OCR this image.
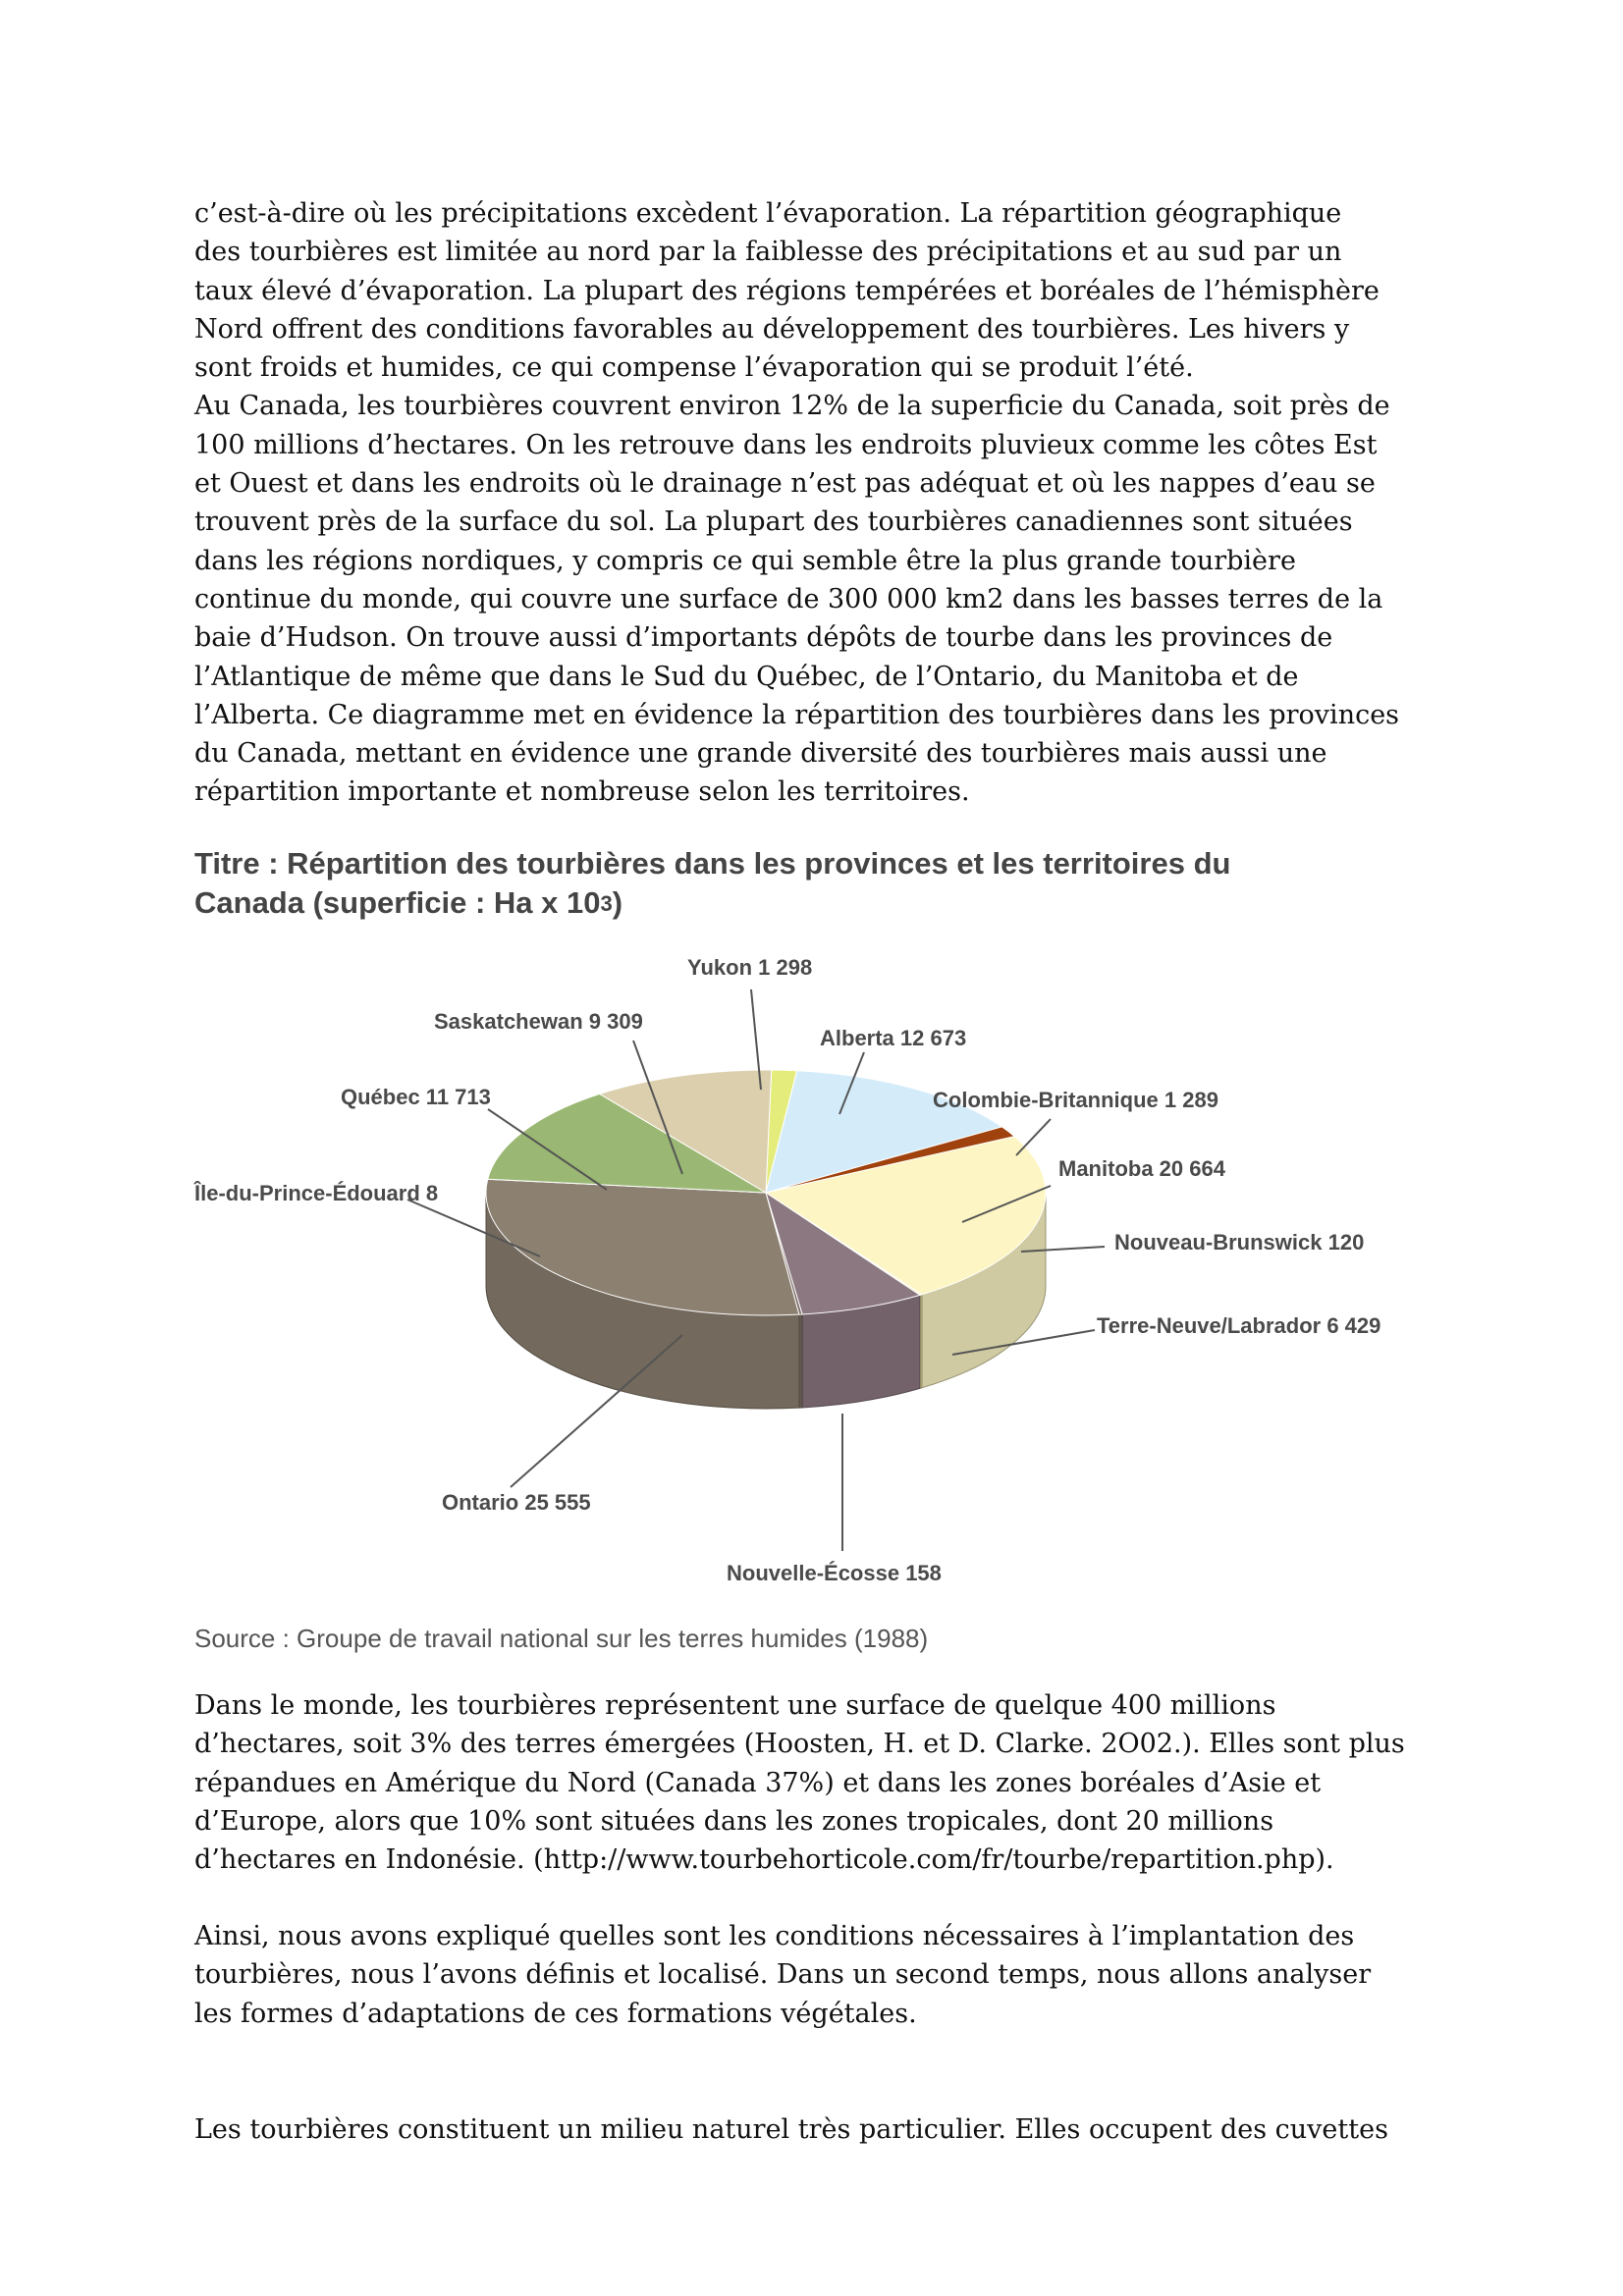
c’est-à-dire où les précipitations excèdent l’évaporation. La répartition géographique
des tourbières est limitée au nord par la faiblesse des précipitations et au sud par un
taux élevé d’évaporation. La plupart des régions tempérées et boréales de l’hémisphère
Nord offrent des conditions favorables au développement des tourbières. Les hivers y
sont froids et humides, ce qui compense l’évaporation qui se produit l’été.
Au Canada, les tourbières couvrent environ 12% de la superficie du Canada, soit près de
100 millions d’hectares. On les retrouve dans les endroits pluvieux comme les côtes Est
et Ouest et dans les endroits où le drainage n’est pas adéquat et où les nappes d’eau se
trouvent près de la surface du sol. La plupart des tourbières canadiennes sont situées
dans les régions nordiques, y compris ce qui semble être la plus grande tourbière
continue du monde, qui couvre une surface de 300 000 km2 dans les basses terres de la
baie d’Hudson. On trouve aussi d’importants dépôts de tourbe dans les provinces de
l’Atlantique de même que dans le Sud du Québec, de l’Ontario, du Manitoba et de
l’Alberta. Ce diagramme met en évidence la répartition des tourbières dans les provinces
du Canada, mettant en évidence une grande diversité des tourbières mais aussi une
répartition importante et nombreuse selon les territoires.

Titre : Répartition des tourbières dans les provinces et les territoires du
Canada (superficie : Ha x $10^3$)
Yukon 1 298
Alberta 12 673
Colombie-Britannique 1 289
Manitoba 20 664
Nouveau-Brunswick 120
Terre-Neuve/Labrador 6 429
Nouvelle-Écosse 158
Ontario 25 555
Île-du-Prince-Édouard 8
Québec 11 713
Saskatchewan 9 309
Source : Groupe de travail national sur les terres humides (1988)

Dans le monde, les tourbières représentent une surface de quelque 400 millions
d’hectares, soit 3% des terres émergées (Hoosten, H. et D. Clarke. 2O02.). Elles sont plus
répandues en Amérique du Nord (Canada 37%) et dans les zones boréales d’Asie et
d’Europe, alors que 10% sont situées dans les zones tropicales, dont 20 millions
d’hectares en Indonésie. (http://www.tourbehorticole.com/fr/tourbe/repartition.php).

Ainsi, nous avons expliqué quelles sont les conditions nécessaires à l’implantation des
tourbières, nous l’avons définis et localisé. Dans un second temps, nous allons analyser
les formes d’adaptations de ces formations végétales.

Les tourbières constituent un milieu naturel très particulier. Elles occupent des cuvettes
